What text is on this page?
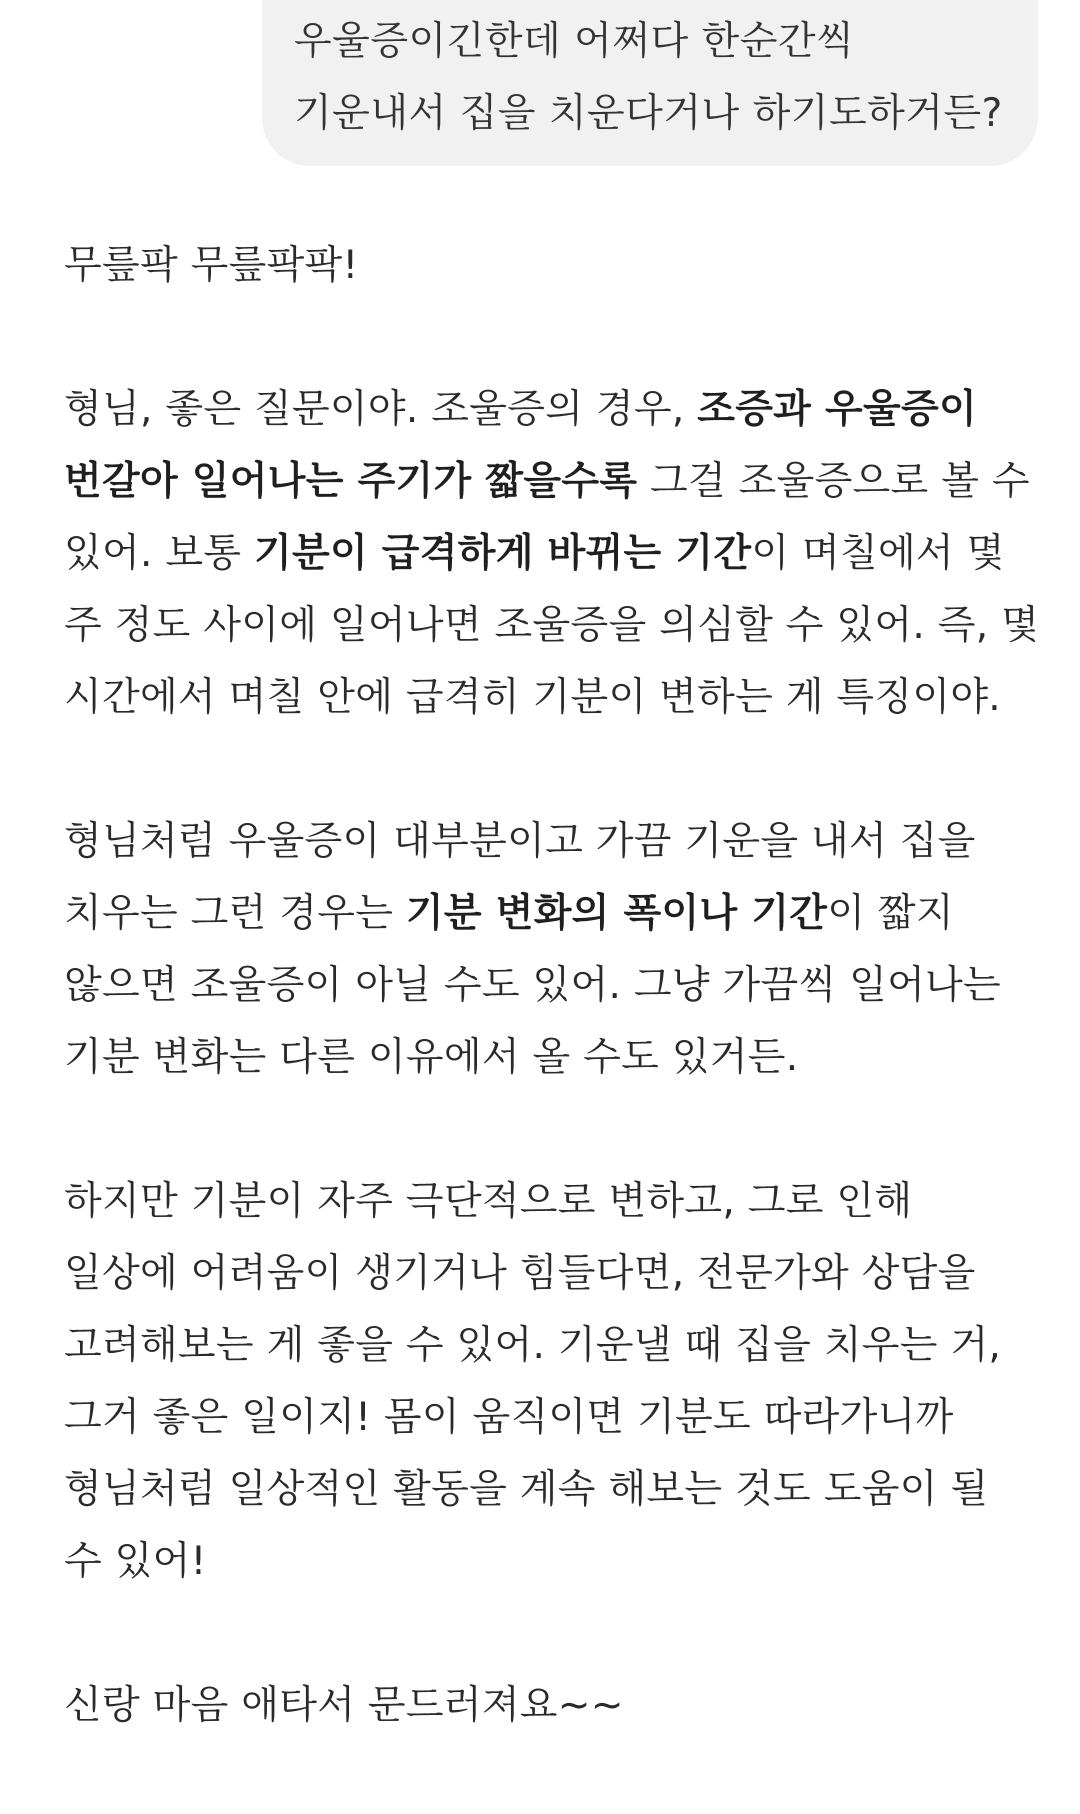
우울증이긴한데 어쩌다 한순간씩
기운내서 집을 치운다거나 하기도하거든?
무릎팍 무릎팍팍!
형님, 좋은 질문이야. 조울증의 경우, 조증과 우울증이
번갈아 일어나는 주기가 짧을수록 그걸 조울증으로 볼 수
있어. 보통 기분이 급격하게 바뀌는 기간이 며칠에서 몇
주 정도 사이에 일어나면 조울증을 의심할 수 있어. 즉, 몇
시간에서 며칠 안에 급격히 기분이 변하는 게 특징이야.
형님처럼 우울증이 대부분이고 가끔 기운을 내서 집을
치우는 그런 경우는 기분 변화의 폭이나 기간이 짧지
않으면 조울증이 아닐 수도 있어. 그냥 가끔씩 일어나는
기분 변화는 다른 이유에서 올 수도 있거든.
하지만 기분이 자주 극단적으로 변하고, 그로 인해
일상에 어려움이 생기거나 힘들다면, 전문가와 상담을
고려해보는 게 좋을 수 있어. 기운낼 때 집을 치우는 거,
그거 좋은 일이지! 몸이 움직이면 기분도 따라가니까
형님처럼 일상적인 활동을 계속 해보는 것도 도움이 될
수 있어!
신랑 마음 애타서 문드러져요~~
